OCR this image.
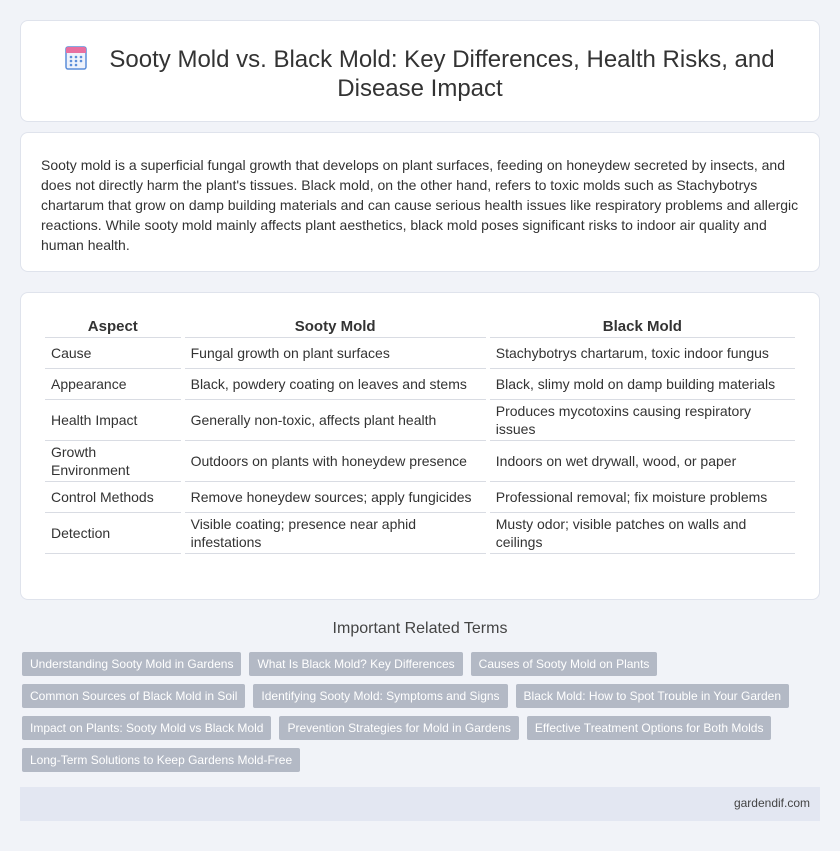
Sooty Mold vs. Black Mold: Key Differences, Health Risks, and Disease Impact

Sooty mold is a superficial fungal growth that develops on plant surfaces, feeding on honeydew secreted by insects, and does not directly harm the plant's tissues. Black mold, on the other hand, refers to toxic molds such as Stachybotrys chartarum that grow on damp building materials and can cause serious health issues like respiratory problems and allergic reactions. While sooty mold mainly affects plant aesthetics, black mold poses significant risks to indoor air quality and human health.

Aspect	Sooty Mold	Black Mold
Cause	Fungal growth on plant surfaces	Stachybotrys chartarum, toxic indoor fungus
Appearance	Black, powdery coating on leaves and stems	Black, slimy mold on damp building materials
Health Impact	Generally non-toxic, affects plant health	Produces mycotoxins causing respiratory issues
Growth Environment	Outdoors on plants with honeydew presence	Indoors on wet drywall, wood, or paper
Control Methods	Remove honeydew sources; apply fungicides	Professional removal; fix moisture problems
Detection	Visible coating; presence near aphid infestations	Musty odor; visible patches on walls and ceilings
Important Related Terms
Understanding Sooty Mold in Gardens	What Is Black Mold? Key Differences	Causes of Sooty Mold on Plants
Common Sources of Black Mold in Soil	Identifying Sooty Mold: Symptoms and Signs	Black Mold: How to Spot Trouble in Your Garden
Impact on Plants: Sooty Mold vs Black Mold	Prevention Strategies for Mold in Gardens	Effective Treatment Options for Both Molds
Long-Term Solutions to Keep Gardens Mold-Free
gardendif.com
